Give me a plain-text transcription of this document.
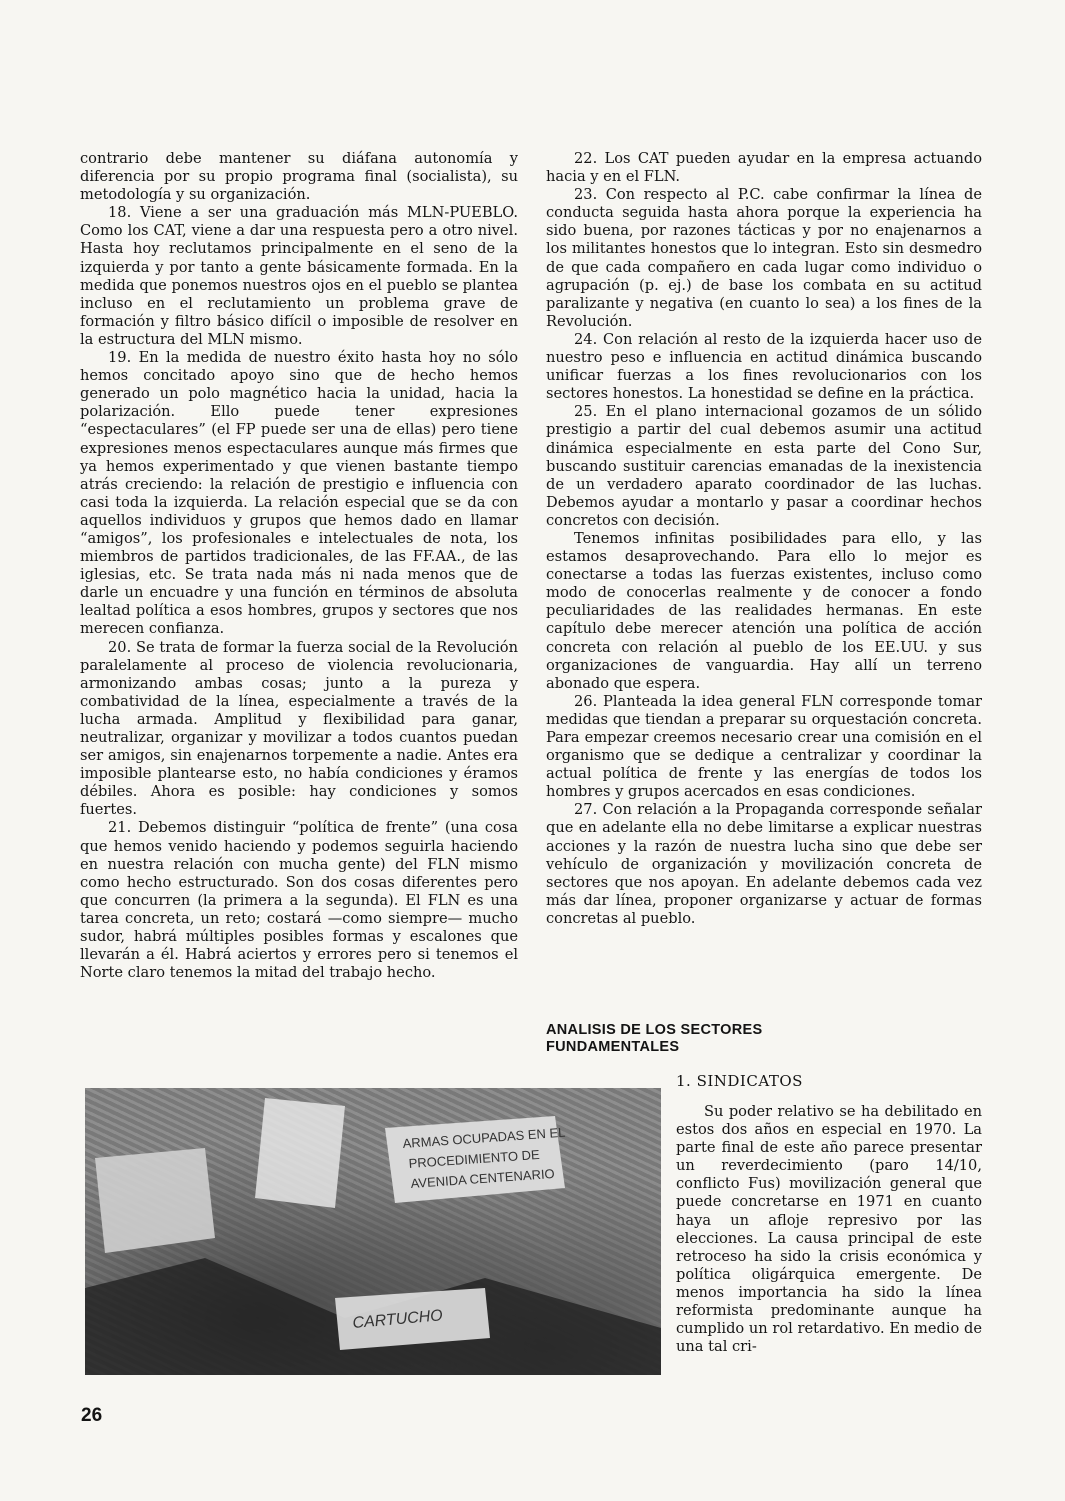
contrario debe mantener su diáfana autonomía y diferencia por su propio programa final (socialista), su metodología y su organización.

18. Viene a ser una graduación más MLN-PUEBLO. Como los CAT, viene a dar una respuesta pero a otro nivel. Hasta hoy reclutamos principalmente en el seno de la izquierda y por tanto a gente básicamente formada. En la medida que ponemos nuestros ojos en el pueblo se plantea incluso en el reclutamiento un problema grave de formación y filtro básico difícil o imposible de resolver en la estructura del MLN mismo.

19. En la medida de nuestro éxito hasta hoy no sólo hemos concitado apoyo sino que de hecho hemos generado un polo magnético hacia la unidad, hacia la polarización. Ello puede tener expresiones “espectaculares” (el FP puede ser una de ellas) pero tiene expresiones menos espectaculares aunque más firmes que ya hemos experimentado y que vienen bastante tiempo atrás creciendo: la relación de prestigio e influencia con casi toda la izquierda. La relación especial que se da con aquellos individuos y grupos que hemos dado en llamar “amigos”, los profesionales e intelectuales de nota, los miembros de partidos tradicionales, de las FF.AA., de las iglesias, etc. Se trata nada más ni nada menos que de darle un encuadre y una función en términos de absoluta lealtad política a esos hombres, grupos y sectores que nos merecen confianza.

20. Se trata de formar la fuerza social de la Revolución paralelamente al proceso de violencia revolucionaria, armonizando ambas cosas; junto a la pureza y combatividad de la línea, especialmente a través de la lucha armada. Amplitud y flexibilidad para ganar, neutralizar, organizar y movilizar a todos cuantos puedan ser amigos, sin enajenarnos torpemente a nadie. Antes era imposible plantearse esto, no había condiciones y éramos débiles. Ahora es posible: hay condiciones y somos fuertes.

21. Debemos distinguir “política de frente” (una cosa que hemos venido haciendo y podemos seguirla haciendo en nuestra relación con mucha gente) del FLN mismo como hecho estructurado. Son dos cosas diferentes pero que concurren (la primera a la segunda). El FLN es una tarea concreta, un reto; costará —como siempre— mucho sudor, habrá múltiples posibles formas y escalones que llevarán a él. Habrá aciertos y errores pero si tenemos el Norte claro tenemos la mitad del trabajo hecho.

22. Los CAT pueden ayudar en la empresa actuando hacia y en el FLN.

23. Con respecto al P.C. cabe confirmar la línea de conducta seguida hasta ahora porque la experiencia ha sido buena, por razones tácticas y por no enajenarnos a los militantes honestos que lo integran. Esto sin desmedro de que cada compañero en cada lugar como individuo o agrupación (p. ej.) de base los combata en su actitud paralizante y negativa (en cuanto lo sea) a los fines de la Revolución.

24. Con relación al resto de la izquierda hacer uso de nuestro peso e influencia en actitud dinámica buscando unificar fuerzas a los fines revolucionarios con los sectores honestos. La honestidad se define en la práctica.

25. En el plano internacional gozamos de un sólido prestigio a partir del cual debemos asumir una actitud dinámica especialmente en esta parte del Cono Sur, buscando sustituir carencias emanadas de la inexistencia de un verdadero aparato coordinador de las luchas. Debemos ayudar a montarlo y pasar a coordinar hechos concretos con decisión.

Tenemos infinitas posibilidades para ello, y las estamos desaprovechando. Para ello lo mejor es conectarse a todas las fuerzas existentes, incluso como modo de conocerlas realmente y de conocer a fondo peculiaridades de las realidades hermanas. En este capítulo debe merecer atención una política de acción concreta con relación al pueblo de los EE.UU. y sus organizaciones de vanguardia. Hay allí un terreno abonado que espera.

26. Planteada la idea general FLN corresponde tomar medidas que tiendan a preparar su orquestación concreta. Para empezar creemos necesario crear una comisión en el organismo que se dedique a centralizar y coordinar la actual política de frente y las energías de todos los hombres y grupos acercados en esas condiciones.

27. Con relación a la Propaganda corresponde señalar que en adelante ella no debe limitarse a explicar nuestras acciones y la razón de nuestra lucha sino que debe ser vehículo de organización y movilización concreta de sectores que nos apoyan. En adelante debemos cada vez más dar línea, proponer organizarse y actuar de formas concretas al pueblo.

ANALISIS DE LOS SECTORES FUNDAMENTALES
1. SINDICATOS

Su poder relativo se ha debilitado en estos dos años en especial en 1970. La parte final de este año parece presentar un reverdecimiento (paro 14/10, conflicto Fus) movilización general que puede concretarse en 1971 en cuanto haya un afloje represivo por las elecciones. La causa principal de este retroceso ha sido la crisis económica y política oligárquica emergente. De menos importancia ha sido la línea reformista predominante aunque ha cumplido un rol retardativo. En medio de una tal cri-

ARMAS OCUPADAS EN EL
PROCEDIMIENTO DE
AVENIDA CENTENARIO
CARTUCHO
26
